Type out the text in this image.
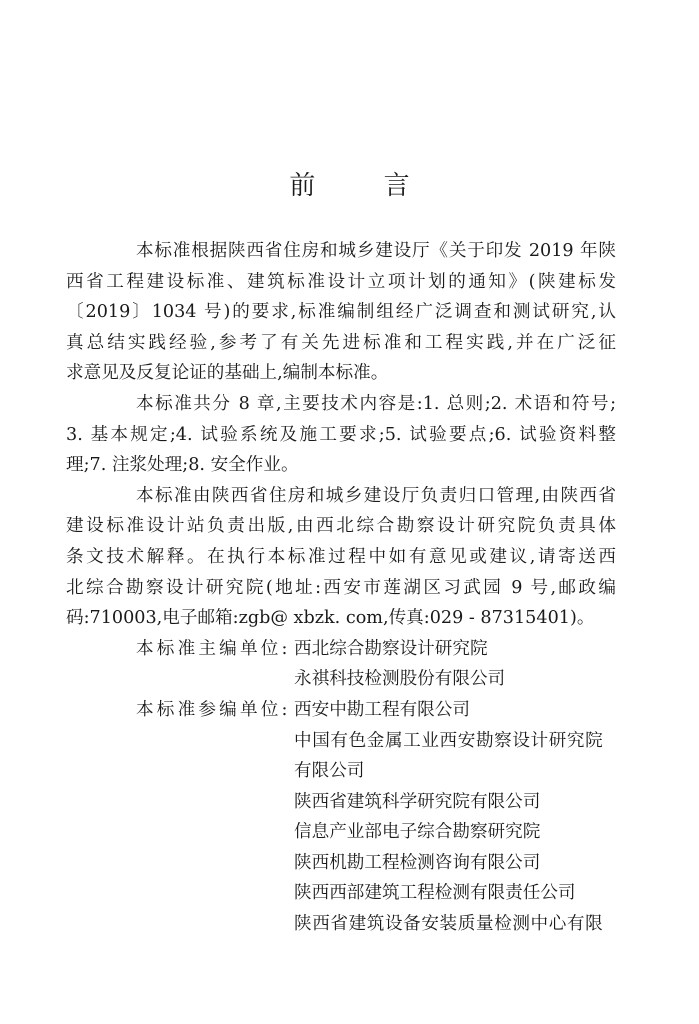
前 言
本标准根据陕西省住房和城乡建设厅《关于印发 2019 年陕
西省工程建设标准、建筑标准设计立项计划的通知》(陕建标发
〔2019〕1034 号)的要求,标准编制组经广泛调查和测试研究,认
真总结实践经验,参考了有关先进标准和工程实践,并在广泛征
求意见及反复论证的基础上,编制本标准。
本标准共分 8 章,主要技术内容是:1. 总则;2. 术语和符号;
3. 基本规定;4. 试验系统及施工要求;5. 试验要点;6. 试验资料整
理;7. 注浆处理;8. 安全作业。
本标准由陕西省住房和城乡建设厅负责归口管理,由陕西省
建设标准设计站负责出版,由西北综合勘察设计研究院负责具体
条文技术解释。在执行本标准过程中如有意见或建议,请寄送西
北综合勘察设计研究院(地址:西安市莲湖区习武园 9 号,邮政编
码:710003,电子邮箱:zgb@ xbzk. com,传真:029 - 87315401)。
本标准主编单位: 西北综合勘察设计研究院
永祺科技检测股份有限公司
本标准参编单位: 西安中勘工程有限公司
中国有色金属工业西安勘察设计研究院
有限公司
陕西省建筑科学研究院有限公司
信息产业部电子综合勘察研究院
陕西机勘工程检测咨询有限公司
陕西西部建筑工程检测有限责任公司
陕西省建筑设备安装质量检测中心有限
